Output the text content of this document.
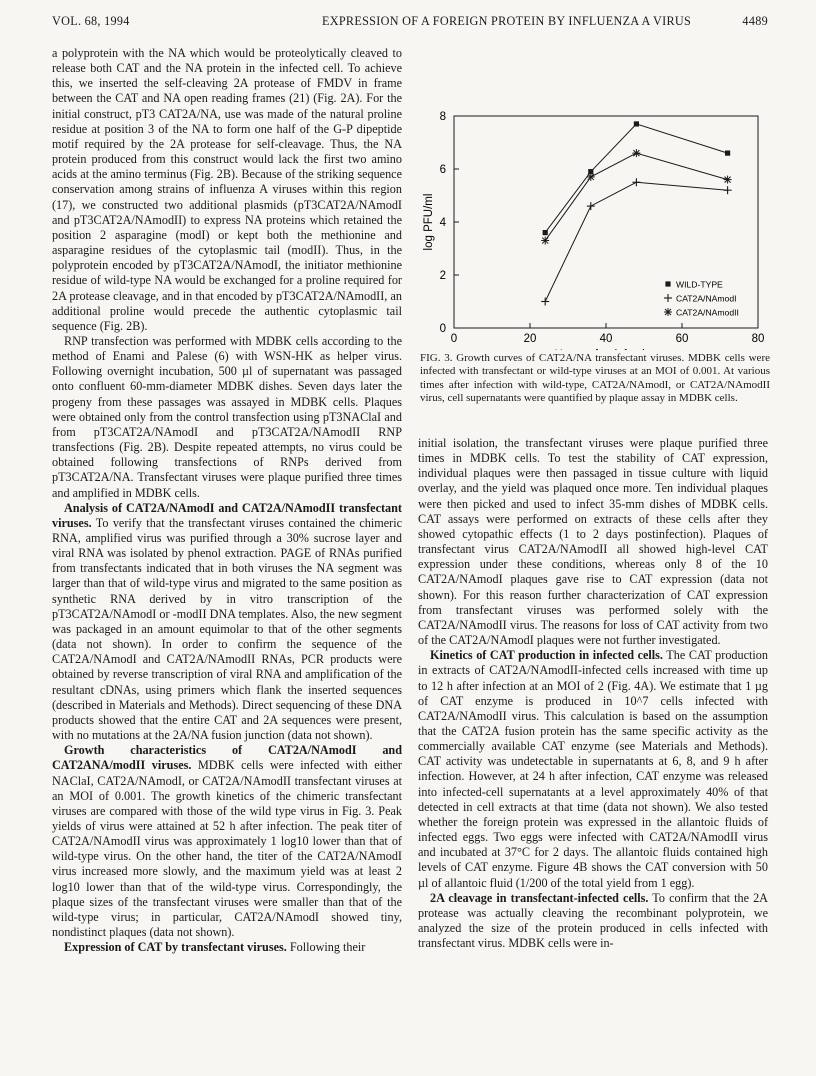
VOL. 68, 1994	EXPRESSION OF A FOREIGN PROTEIN BY INFLUENZA A VIRUS	4489

a polyprotein with the NA which would be proteolytically cleaved to release both CAT and the NA protein in the infected cell. To achieve this, we inserted the self-cleaving 2A protease of FMDV in frame between the CAT and NA open reading frames (21) (Fig. 2A). For the initial construct, pT3 CAT2A/NA, use was made of the natural proline residue at position 3 of the NA to form one half of the G-P dipeptide motif required by the 2A protease for self-cleavage. Thus, the NA protein produced from this construct would lack the first two amino acids at the amino terminus (Fig. 2B). Because of the striking sequence conservation among strains of influenza A viruses within this region (17), we constructed two additional plasmids (pT3CAT2A/NAmodI and pT3CAT2A/NAmodII) to express NA proteins which retained the position 2 asparagine (modI) or kept both the methionine and asparagine residues of the cytoplasmic tail (modII). Thus, in the polyprotein encoded by pT3CAT2A/NAmodI, the initiator methionine residue of wild-type NA would be exchanged for a proline required for 2A protease cleavage, and in that encoded by pT3CAT2A/NAmodII, an additional proline would precede the authentic cytoplasmic tail sequence (Fig. 2B).

RNP transfection was performed with MDBK cells according to the method of Enami and Palese (6) with WSN-HK as helper virus. Following overnight incubation, 500 µl of supernatant was passaged onto confluent 60-mm-diameter MDBK dishes. Seven days later the progeny from these passages was assayed in MDBK cells. Plaques were obtained only from the control transfection using pT3NAClaI and from pT3CAT2A/NAmodI and pT3CAT2A/NAmodII RNP transfections (Fig. 2B). Despite repeated attempts, no virus could be obtained following transfections of RNPs derived from pT3CAT2A/NA. Transfectant viruses were plaque purified three times and amplified in MDBK cells.

Analysis of CAT2A/NAmodI and CAT2A/NAmodII transfectant viruses. To verify that the transfectant viruses contained the chimeric RNA, amplified virus was purified through a 30% sucrose layer and viral RNA was isolated by phenol extraction. PAGE of RNAs purified from transfectants indicated that in both viruses the NA segment was larger than that of wild-type virus and migrated to the same position as synthetic RNA derived by in vitro transcription of the pT3CAT2A/NAmodI or -modII DNA templates. Also, the new segment was packaged in an amount equimolar to that of the other segments (data not shown). In order to confirm the sequence of the CAT2A/NAmodI and CAT2A/NAmodII RNAs, PCR products were obtained by reverse transcription of viral RNA and amplification of the resultant cDNAs, using primers which flank the inserted sequences (described in Materials and Methods). Direct sequencing of these DNA products showed that the entire CAT and 2A sequences were present, with no mutations at the 2A/NA fusion junction (data not shown).

Growth characteristics of CAT2A/NAmodI and CAT2ANA/modII viruses. MDBK cells were infected with either NAClaI, CAT2A/NAmodI, or CAT2A/NAmodII transfectant viruses at an MOI of 0.001. The growth kinetics of the chimeric transfectant viruses are compared with those of the wild type virus in Fig. 3. Peak yields of virus were attained at 52 h after infection. The peak titer of CAT2A/NAmodII virus was approximately 1 log10 lower than that of wild-type virus. On the other hand, the titer of the CAT2A/NAmodI virus increased more slowly, and the maximum yield was at least 2 log10 lower than that of the wild-type virus. Correspondingly, the plaque sizes of the transfectant viruses were smaller than that of the wild-type virus; in particular, CAT2A/NAmodI showed tiny, nondistinct plaques (data not shown).

Expression of CAT by transfectant viruses. Following their

0	20	40	60	80
0
2
4
6
8
log PFU/ml
WILD-TYPE
CAT2A/NAmodI
CAT2A/NAmodII
FIG. 3. Growth curves of CAT2A/NA transfectant viruses. MDBK cells were infected with transfectant or wild-type viruses at an MOI of 0.001. At various times after infection with wild-type, CAT2A/NAmodI, or CAT2A/NAmodII virus, cell supernatants were quantified by plaque assay in MDBK cells.

initial isolation, the transfectant viruses were plaque purified three times in MDBK cells. To test the stability of CAT expression, individual plaques were then passaged in tissue culture with liquid overlay, and the yield was plaqued once more. Ten individual plaques were then picked and used to infect 35-mm dishes of MDBK cells. CAT assays were performed on extracts of these cells after they showed cytopathic effects (1 to 2 days postinfection). Plaques of transfectant virus CAT2A/NAmodII all showed high-level CAT expression under these conditions, whereas only 8 of the 10 CAT2A/NAmodI plaques gave rise to CAT expression (data not shown). For this reason further characterization of CAT expression from transfectant viruses was performed solely with the CAT2A/NAmodII virus. The reasons for loss of CAT activity from two of the CAT2A/NAmodI plaques were not further investigated.

Kinetics of CAT production in infected cells. The CAT production in extracts of CAT2A/NAmodII-infected cells increased with time up to 12 h after infection at an MOI of 2 (Fig. 4A). We estimate that 1 µg of CAT enzyme is produced in 10^7 cells infected with CAT2A/NAmodII virus. This calculation is based on the assumption that the CAT2A fusion protein has the same specific activity as the commercially available CAT enzyme (see Materials and Methods). CAT activity was undetectable in supernatants at 6, 8, and 9 h after infection. However, at 24 h after infection, CAT enzyme was released into infected-cell supernatants at a level approximately 40% of that detected in cell extracts at that time (data not shown). We also tested whether the foreign protein was expressed in the allantoic fluids of infected eggs. Two eggs were infected with CAT2A/NAmodII virus and incubated at 37°C for 2 days. The allantoic fluids contained high levels of CAT enzyme. Figure 4B shows the CAT conversion with 50 µl of allantoic fluid (1/200 of the total yield from 1 egg).

2A cleavage in transfectant-infected cells. To confirm that the 2A protease was actually cleaving the recombinant polyprotein, we analyzed the size of the protein produced in cells infected with transfectant virus. MDBK cells were in-
